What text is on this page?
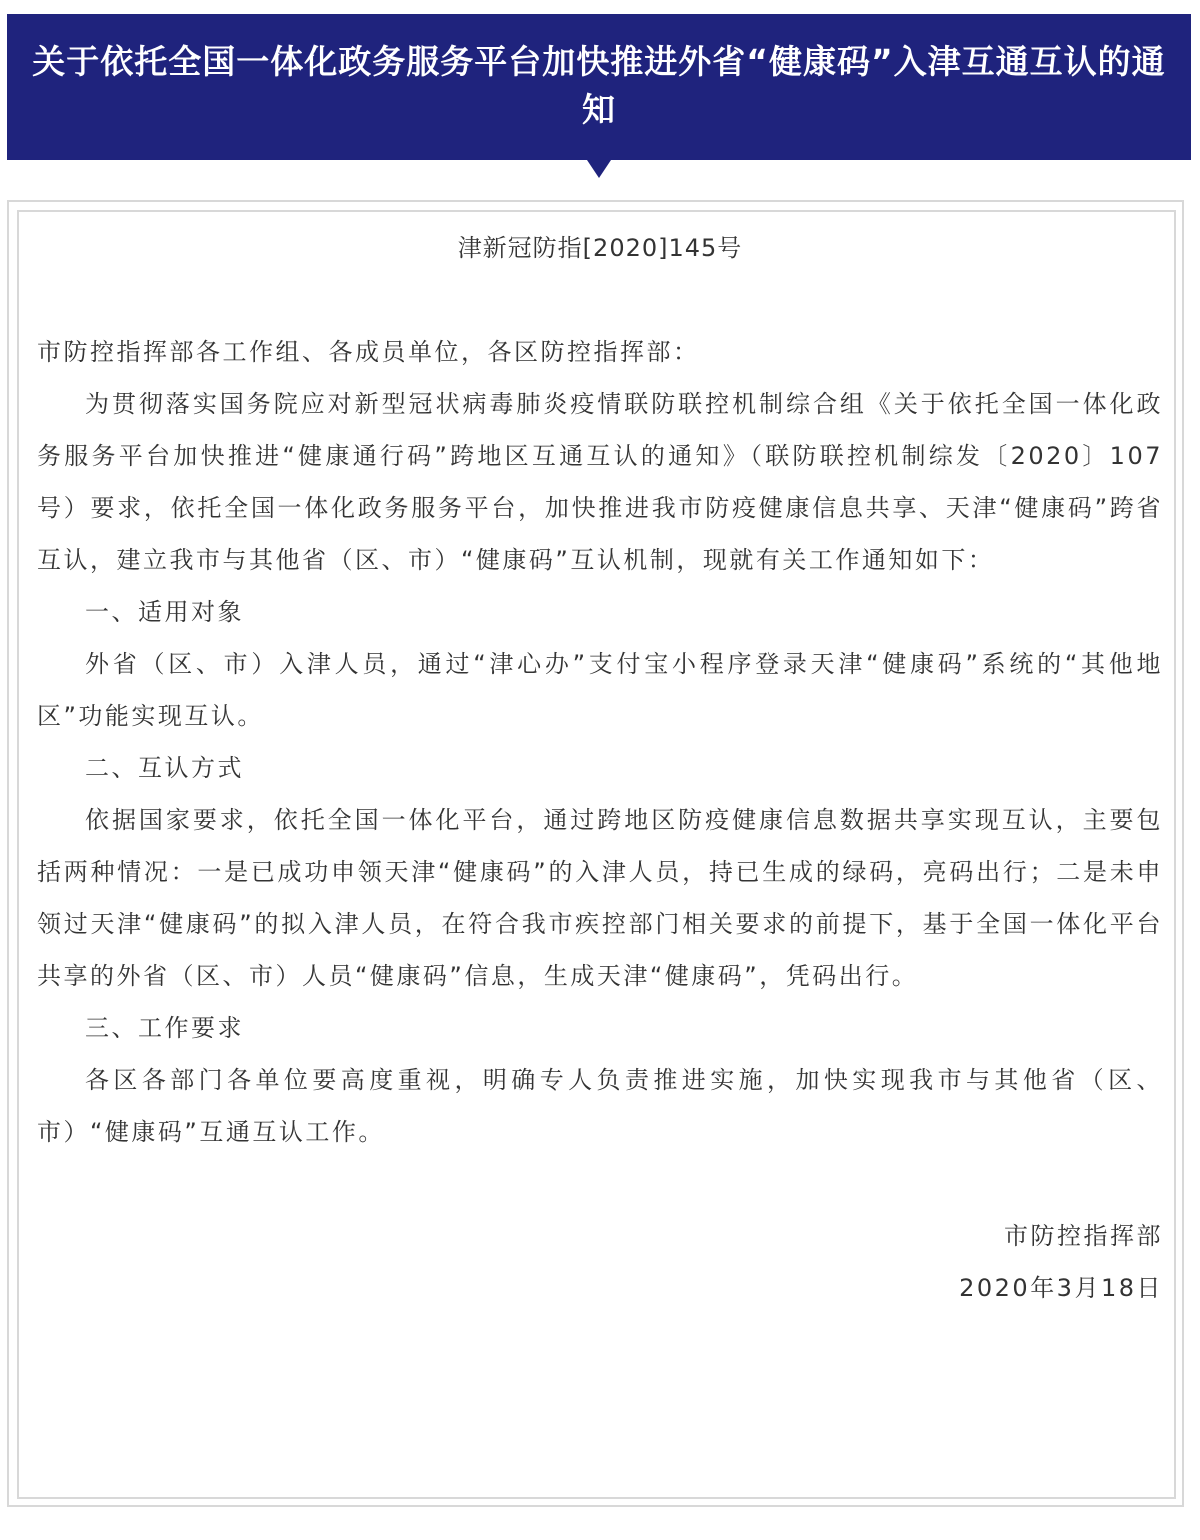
关于依托全国一体化政务服务平台加快推进外省“健康码”入津互通互认的通知
津新冠防指[2020]145号

市防控指挥部各工作组、各成员单位，各区防控指挥部：

为贯彻落实国务院应对新型冠状病毒肺炎疫情联防联控机制综合组《关于依托全国一体化政务服务平台加快推进“健康通行码”跨地区互通互认的通知》（联防联控机制综发〔2020〕107号）要求，依托全国一体化政务服务平台，加快推进我市防疫健康信息共享、天津“健康码”跨省互认，建立我市与其他省（区、市）“健康码”互认机制，现就有关工作通知如下：

一、适用对象

外省（区、市）入津人员，通过“津心办”支付宝小程序登录天津“健康码”系统的“其他地区”功能实现互认。

二、互认方式

依据国家要求，依托全国一体化平台，通过跨地区防疫健康信息数据共享实现互认，主要包括两种情况：一是已成功申领天津“健康码”的入津人员，持已生成的绿码，亮码出行；二是未申领过天津“健康码”的拟入津人员，在符合我市疾控部门相关要求的前提下，基于全国一体化平台共享的外省（区、市）人员“健康码”信息，生成天津“健康码”，凭码出行。

三、工作要求

各区各部门各单位要高度重视，明确专人负责推进实施，加快实现我市与其他省（区、市）“健康码”互通互认工作。

市防控指挥部

2020年3月18日
